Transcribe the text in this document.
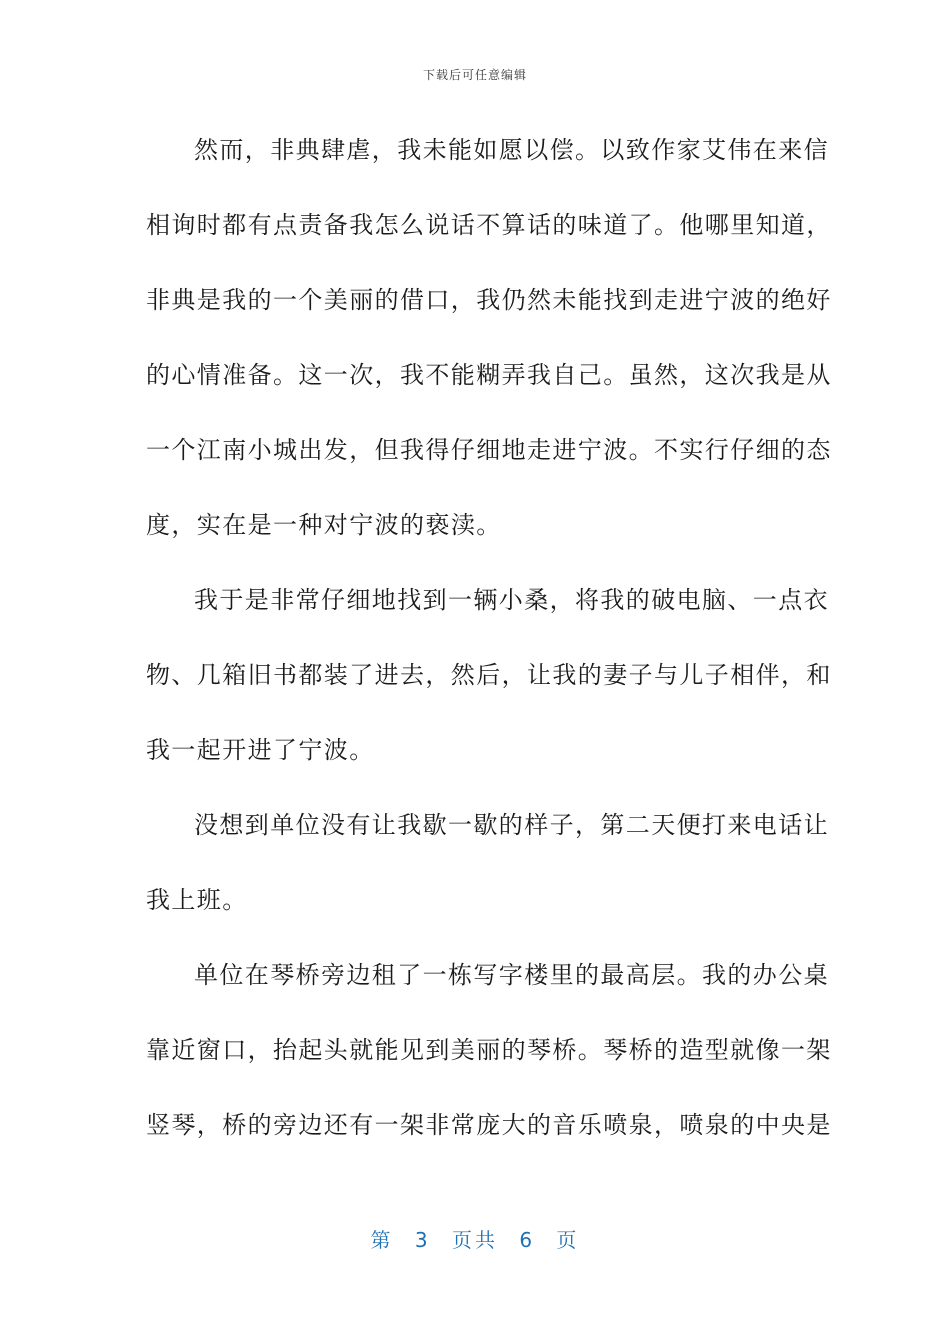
下载后可任意编辑
然而，非典肆虐，我未能如愿以偿。以致作家艾伟在来信
相询时都有点责备我怎么说话不算话的味道了。他哪里知道，
非典是我的一个美丽的借口，我仍然未能找到走进宁波的绝好
的心情准备。这一次，我不能糊弄我自己。虽然，这次我是从
一个江南小城出发，但我得仔细地走进宁波。不实行仔细的态
度，实在是一种对宁波的亵渎。
我于是非常仔细地找到一辆小桑，将我的破电脑、一点衣
物、几箱旧书都装了进去，然后，让我的妻子与儿子相伴，和
我一起开进了宁波。
没想到单位没有让我歇一歇的样子，第二天便打来电话让
我上班。
单位在琴桥旁边租了一栋写字楼里的最高层。我的办公桌
靠近窗口，抬起头就能见到美丽的琴桥。琴桥的造型就像一架
竖琴，桥的旁边还有一架非常庞大的音乐喷泉，喷泉的中央是
第 3 页共 6 页
